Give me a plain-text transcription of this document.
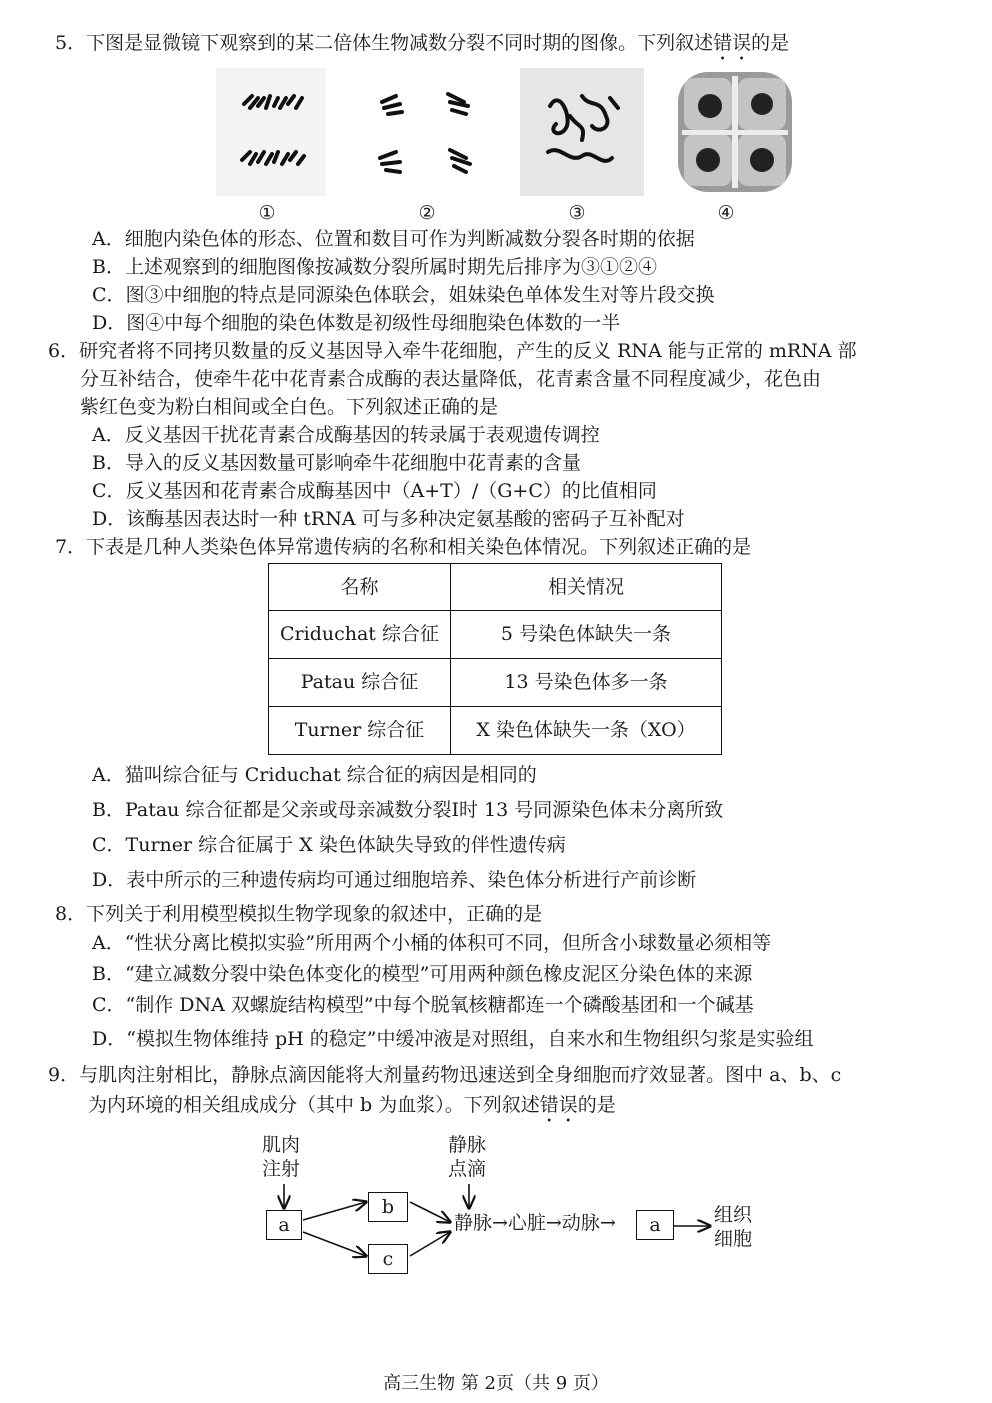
5．下图是显微镜下观察到的某二倍体生物减数分裂不同时期的图像。下列叙述错误的是
①	②	③	④
A．细胞内染色体的形态、位置和数目可作为判断减数分裂各时期的依据
B．上述观察到的细胞图像按减数分裂所属时期先后排序为③①②④
C．图③中细胞的特点是同源染色体联会，姐妹染色单体发生对等片段交换
D．图④中每个细胞的染色体数是初级性母细胞染色体数的一半
6．研究者将不同拷贝数量的反义基因导入牵牛花细胞，产生的反义 RNA 能与正常的 mRNA 部
分互补结合，使牵牛花中花青素合成酶的表达量降低，花青素含量不同程度减少，花色由
紫红色变为粉白相间或全白色。下列叙述正确的是
A．反义基因干扰花青素合成酶基因的转录属于表观遗传调控
B．导入的反义基因数量可影响牵牛花细胞中花青素的含量
C．反义基因和花青素合成酶基因中（A+T）/（G+C）的比值相同
D．该酶基因表达时一种 tRNA 可与多种决定氨基酸的密码子互补配对
7．下表是几种人类染色体异常遗传病的名称和相关染色体情况。下列叙述正确的是
名称	相关情况
Criduchat 综合征	5 号染色体缺失一条
Patau 综合征	13 号染色体多一条
Turner 综合征	X 染色体缺失一条（XO）
A．猫叫综合征与 Criduchat 综合征的病因是相同的
B．Patau 综合征都是父亲或母亲减数分裂Ⅰ时 13 号同源染色体未分离所致
C．Turner 综合征属于 X 染色体缺失导致的伴性遗传病
D．表中所示的三种遗传病均可通过细胞培养、染色体分析进行产前诊断
8．下列关于利用模型模拟生物学现象的叙述中，正确的是
A．“性状分离比模拟实验”所用两个小桶的体积可不同，但所含小球数量必须相等
B．“建立减数分裂中染色体变化的模型”可用两种颜色橡皮泥区分染色体的来源
C．“制作 DNA 双螺旋结构模型”中每个脱氧核糖都连一个磷酸基团和一个碱基
D．“模拟生物体维持 pH 的稳定”中缓冲液是对照组，自来水和生物组织匀浆是实验组
9．与肌肉注射相比，静脉点滴因能将大剂量药物迅速送到全身细胞而疗效显著。图中 a、b、c
为内环境的相关组成成分（其中 b 为血浆）。下列叙述错误的是
肌肉
注射
静脉
点滴
a
b
c
静脉→心脏→动脉→	a	组织
细胞
高三生物 第 2页（共 9 页）
